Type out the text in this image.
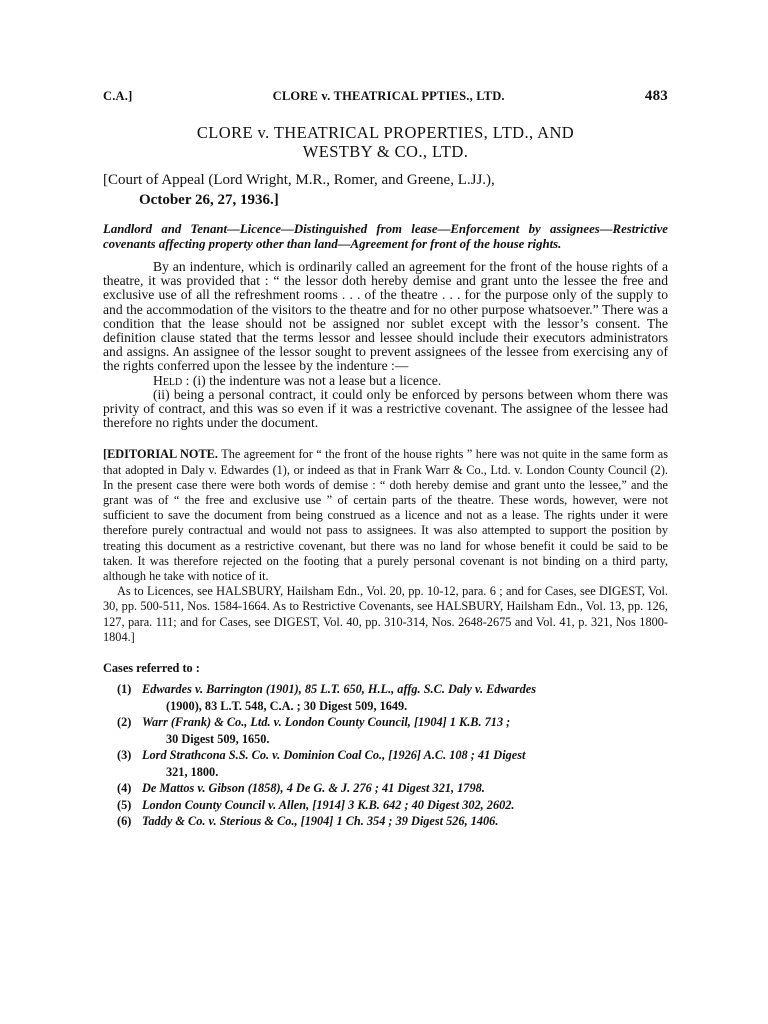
C.A.]	CLORE v. THEATRICAL PPTIES., LTD.	483
CLORE v. THEATRICAL PROPERTIES, LTD., AND
WESTBY & CO., LTD.
[Court of Appeal (Lord Wright, M.R., Romer, and Greene, L.JJ.),
October 26, 27, 1936.]
Landlord and Tenant—Licence—Distinguished from lease—Enforcement by assignees—Restrictive covenants affecting property other than land—Agreement for front of the house rights.

By an indenture, which is ordinarily called an agreement for the front of the house rights of a theatre, it was provided that : “ the lessor doth hereby demise and grant unto the lessee the free and exclusive use of all the refreshment rooms . . . of the theatre . . . for the purpose only of the supply to and the accommodation of the visitors to the theatre and for no other purpose whatsoever.” There was a condition that the lease should not be assigned nor sublet except with the lessor’s consent. The definition clause stated that the terms lessor and lessee should include their executors administrators and assigns. An assignee of the lessor sought to prevent assignees of the lessee from exercising any of the rights conferred upon the lessee by the indenture :—

Held : (i) the indenture was not a lease but a licence.

(ii) being a personal contract, it could only be enforced by persons between whom there was privity of contract, and this was so even if it was a restrictive covenant. The assignee of the lessee had therefore no rights under the document.

[EDITORIAL NOTE. The agreement for “ the front of the house rights ” here was not quite in the same form as that adopted in Daly v. Edwardes (1), or indeed as that in Frank Warr & Co., Ltd. v. London County Council (2). In the present case there were both words of demise : “ doth hereby demise and grant unto the lessee,” and the grant was of “ the free and exclusive use ” of certain parts of the theatre. These words, however, were not sufficient to save the document from being construed as a licence and not as a lease. The rights under it were therefore purely contractual and would not pass to assignees. It was also attempted to support the position by treating this document as a restrictive covenant, but there was no land for whose benefit it could be said to be taken. It was therefore rejected on the footing that a purely personal covenant is not binding on a third party, although he take with notice of it.

As to Licences, see HALSBURY, Hailsham Edn., Vol. 20, pp. 10-12, para. 6 ; and for Cases, see DIGEST, Vol. 30, pp. 500-511, Nos. 1584-1664. As to Restrictive Covenants, see HALSBURY, Hailsham Edn., Vol. 13, pp. 126, 127, para. 111; and for Cases, see DIGEST, Vol. 40, pp. 310-314, Nos. 2648-2675 and Vol. 41, p. 321, Nos 1800-1804.]

Cases referred to :
(1) Edwardes v. Barrington (1901), 85 L.T. 650, H.L., affg. S.C. Daly v. Edwardes
(1900), 83 L.T. 548, C.A. ; 30 Digest 509, 1649.
(2) Warr (Frank) & Co., Ltd. v. London County Council, [1904] 1 K.B. 713 ;
30 Digest 509, 1650.
(3) Lord Strathcona S.S. Co. v. Dominion Coal Co., [1926] A.C. 108 ; 41 Digest
321, 1800.
(4) De Mattos v. Gibson (1858), 4 De G. & J. 276 ; 41 Digest 321, 1798.
(5) London County Council v. Allen, [1914] 3 K.B. 642 ; 40 Digest 302, 2602.
(6) Taddy & Co. v. Sterious & Co., [1904] 1 Ch. 354 ; 39 Digest 526, 1406.
